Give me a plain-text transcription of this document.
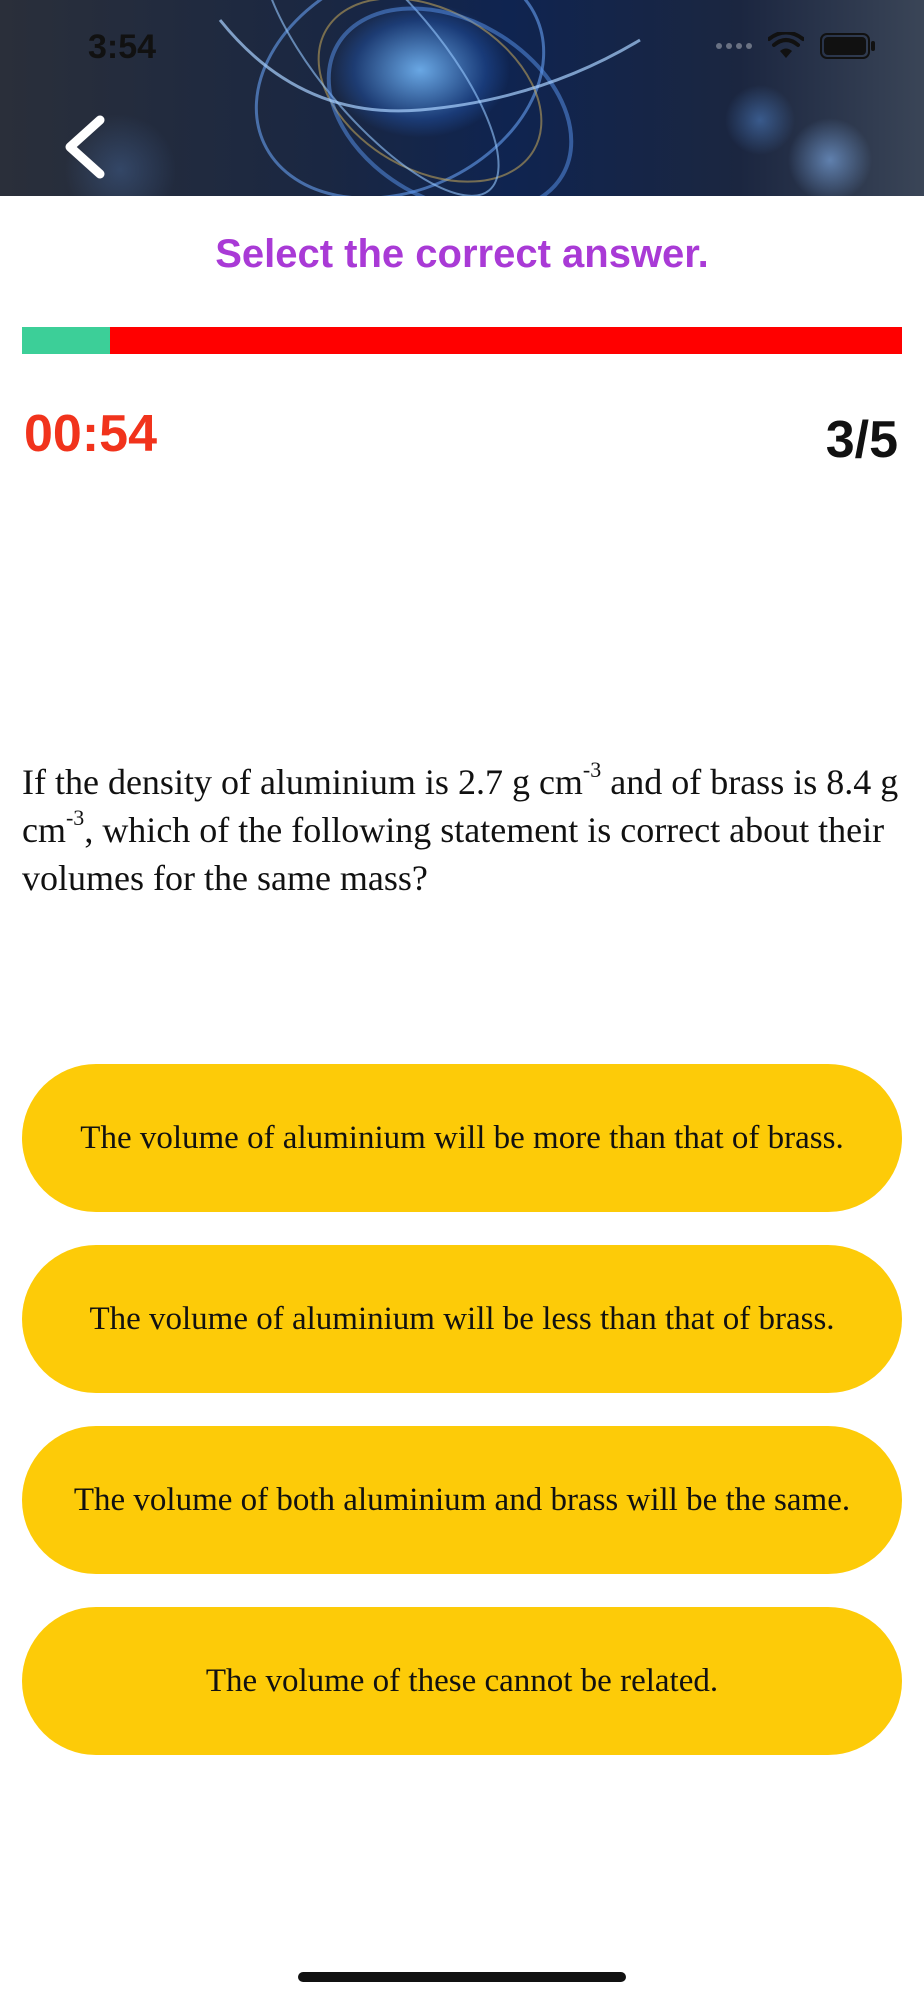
3:54
Select the correct answer.
00:54	3/5
If the density of aluminium is 2.7 g $cm^{-3}$ and of brass is 8.4 g $cm^{-3}$, which of the following statement is correct about their volumes for the same mass?
The volume of aluminium will be more than that of brass.
The volume of aluminium will be less than that of brass.
The volume of both aluminium and brass will be the same.
The volume of these cannot be related.
